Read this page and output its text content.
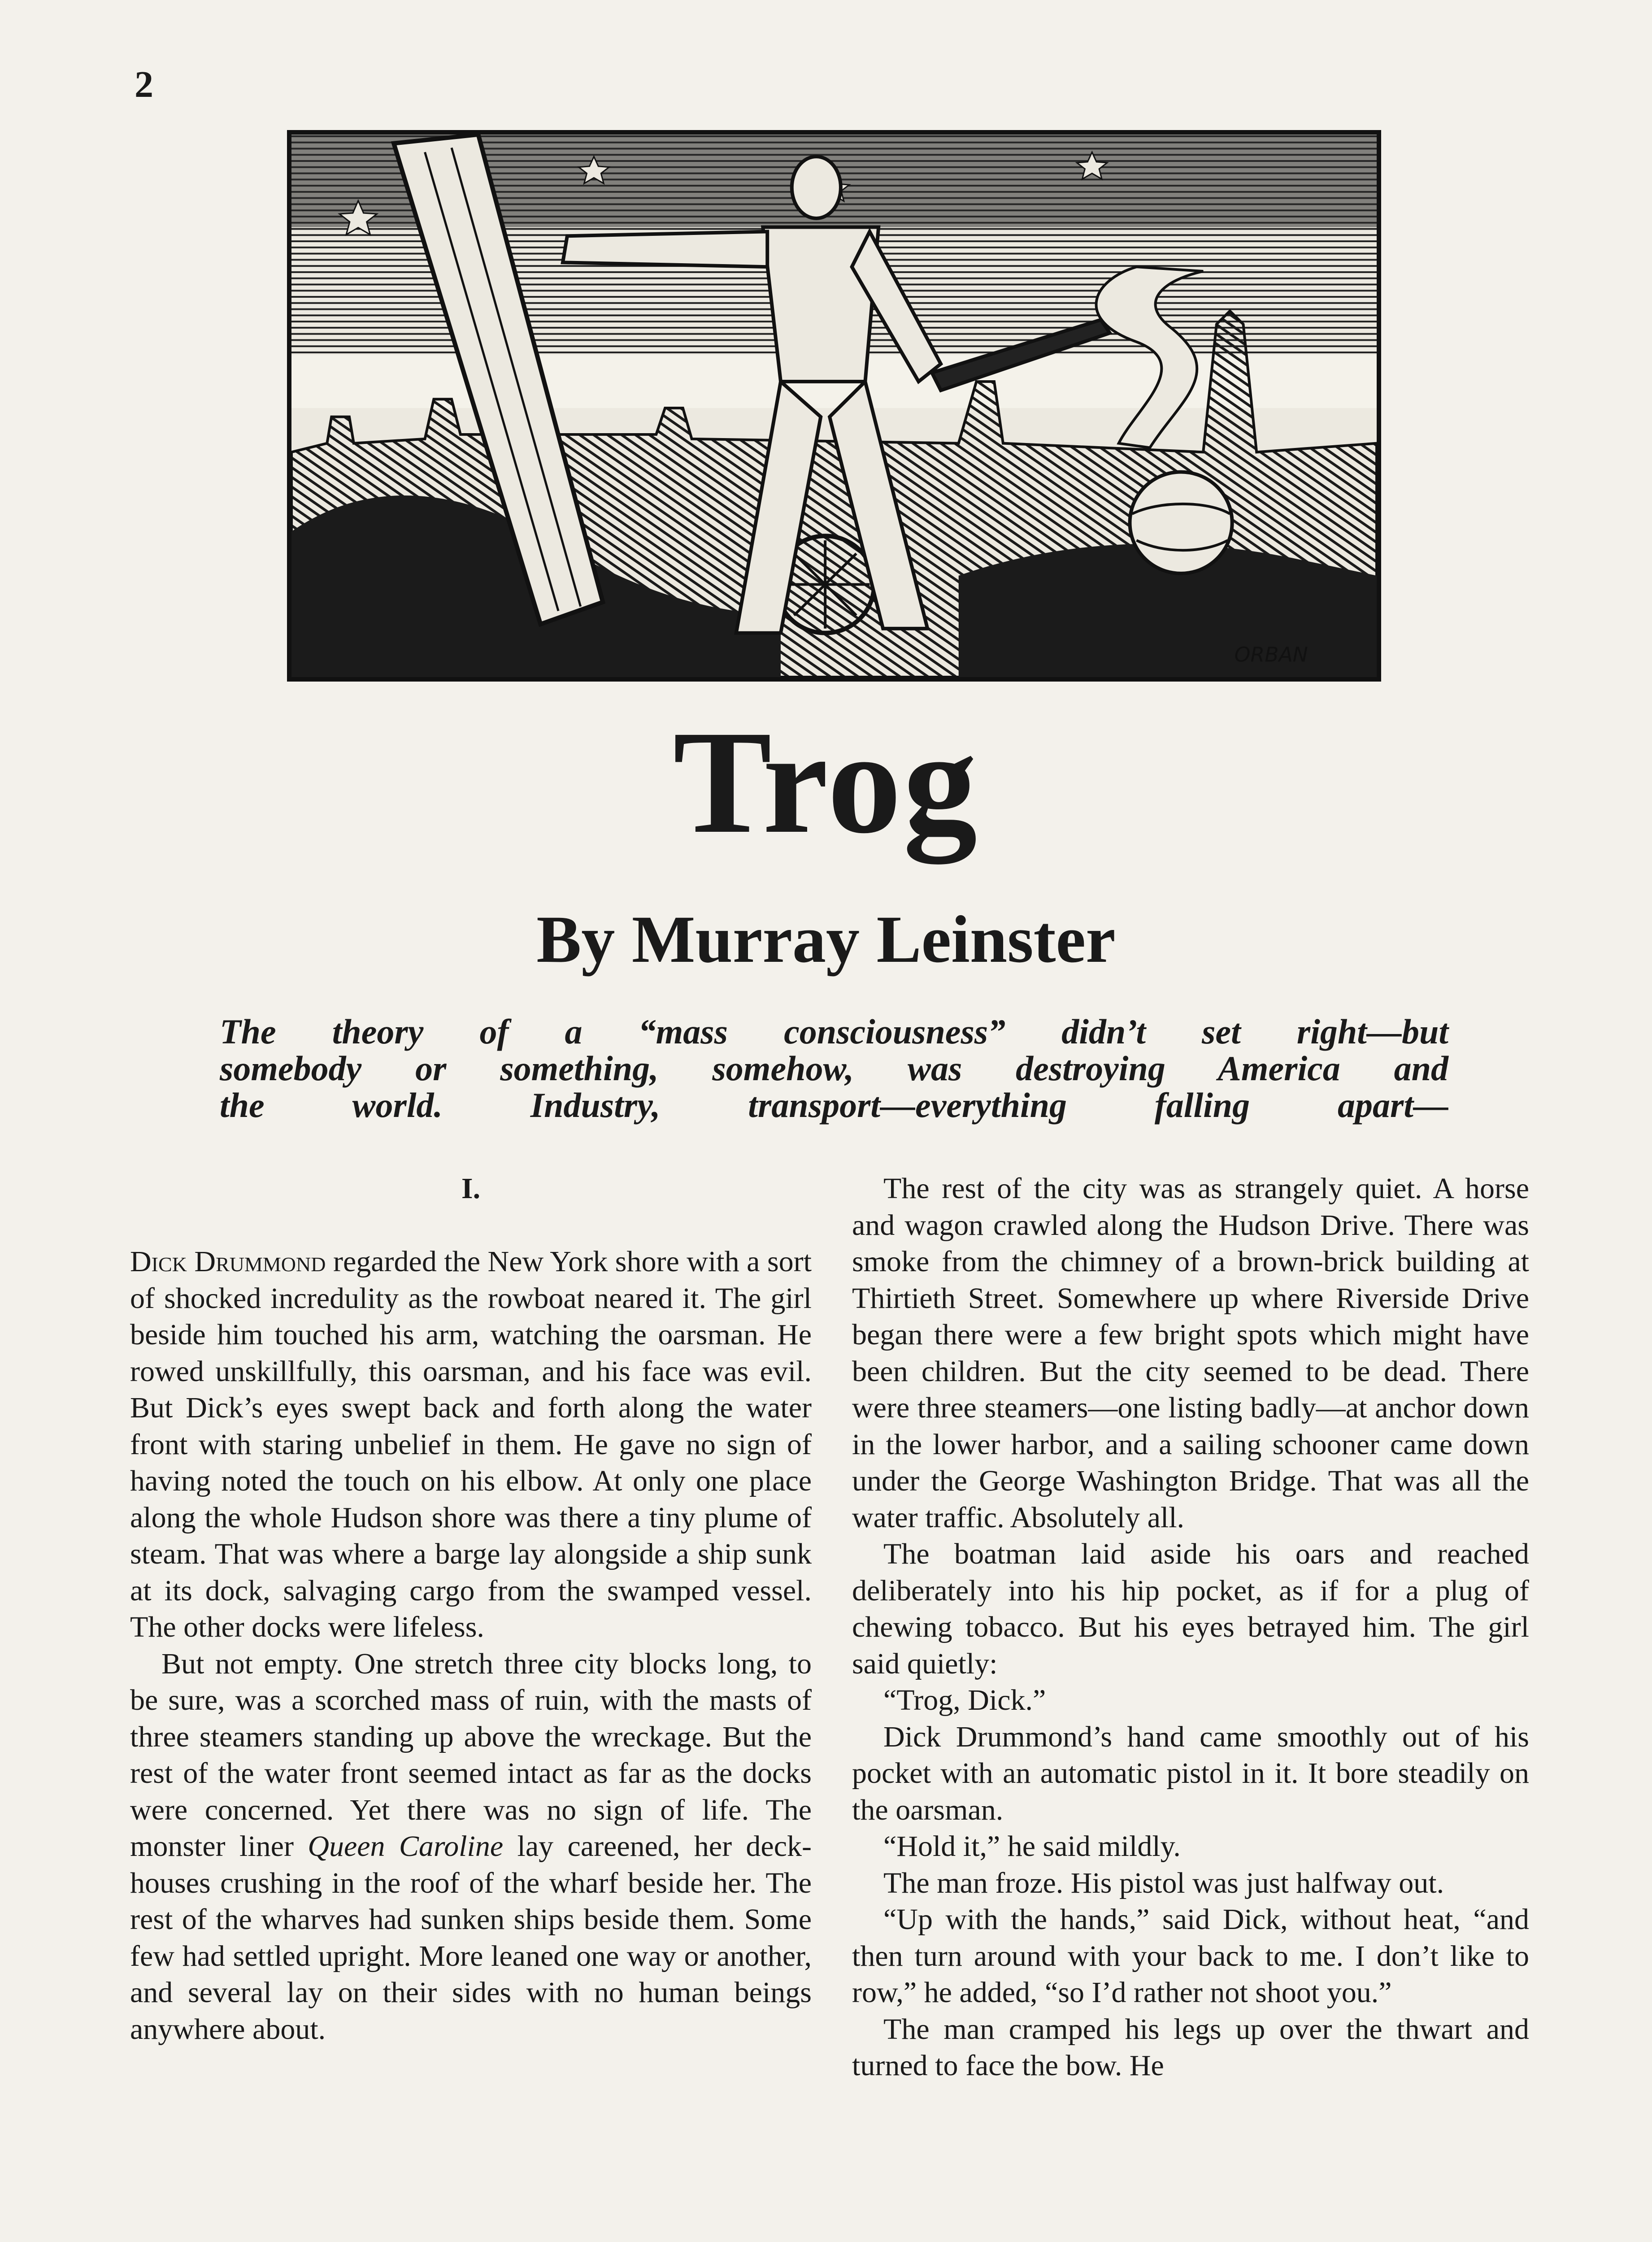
2
ORBAN
Trog
By Murray Leinster
The theory of a “mass consciousness” didn’t set right—but
somebody or something, somehow, was destroying America and
the world. Industry, transport—everything falling apart—
I.

Dick Drummond regarded the New York shore with a sort of shocked incredulity as the rowboat neared it. The girl beside him touched his arm, watching the oarsman. He rowed unskillfully, this oarsman, and his face was evil. But Dick’s eyes swept back and forth along the water front with staring unbelief in them. He gave no sign of having noted the touch on his elbow. At only one place along the whole Hudson shore was there a tiny plume of steam. That was where a barge lay alongside a ship sunk at its dock, salvaging cargo from the swamped vessel. The other docks were lifeless.

But not empty. One stretch three city blocks long, to be sure, was a scorched mass of ruin, with the masts of three steamers standing up above the wreckage. But the rest of the water front seemed intact as far as the docks were concerned. Yet there was no sign of life. The monster liner Queen Caroline lay careened, her deck-houses crushing in the roof of the wharf beside her. The rest of the wharves had sunken ships beside them. Some few had settled upright. More leaned one way or another, and several lay on their sides with no human beings anywhere about.

The rest of the city was as strangely quiet. A horse and wagon crawled along the Hudson Drive. There was smoke from the chimney of a brown-brick building at Thirtieth Street. Somewhere up where Riverside Drive began there were a few bright spots which might have been children. But the city seemed to be dead. There were three steamers—one listing badly—at anchor down in the lower harbor, and a sailing schooner came down under the George Washington Bridge. That was all the water traffic. Absolutely all.

The boatman laid aside his oars and reached deliberately into his hip pocket, as if for a plug of chewing tobacco. But his eyes betrayed him. The girl said quietly:

“Trog, Dick.”

Dick Drummond’s hand came smoothly out of his pocket with an automatic pistol in it. It bore steadily on the oarsman.

“Hold it,” he said mildly.

The man froze. His pistol was just halfway out.

“Up with the hands,” said Dick, without heat, “and then turn around with your back to me. I don’t like to row,” he added, “so I’d rather not shoot you.”

The man cramped his legs up over the thwart and turned to face the bow. He
